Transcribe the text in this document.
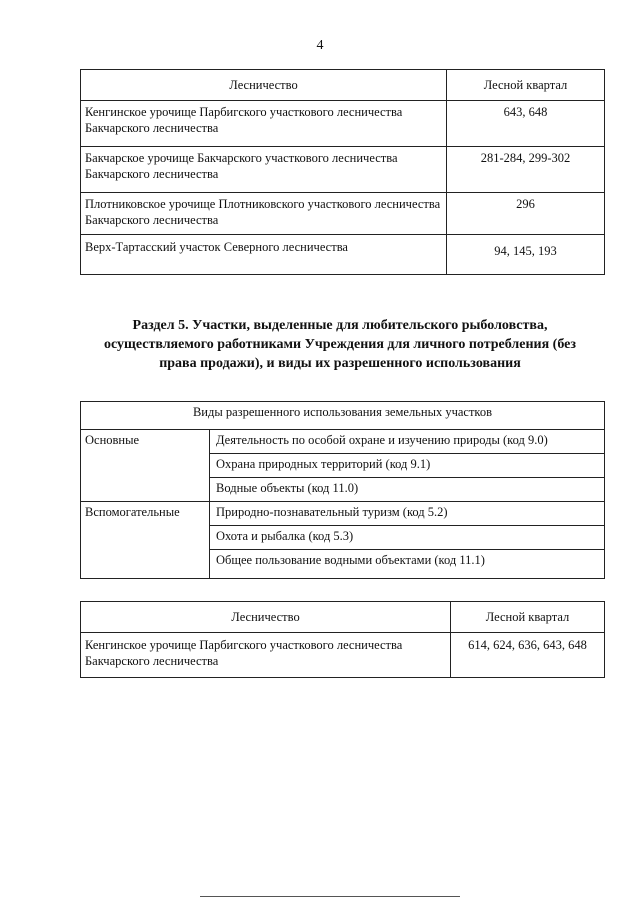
4
Лесничество	Лесной квартал
Кенгинское урочище Парбигского участкового лесничества Бакчарского лесничества	643, 648
Бакчарское урочище Бакчарского участкового лесничества Бакчарского лесничества	281-284, 299-302
Плотниковское урочище Плотниковского участкового лесничества Бакчарского лесничества	296
Верх-Тартасский участок Северного лесничества	94, 145, 193
Раздел 5. Участки, выделенные для любительского рыболовства, осуществляемого работниками Учреждения для личного потребления (без права продажи), и виды их разрешенного использования
Виды разрешенного использования земельных участков	
Основные	Деятельность по особой охране и изучению природы (код 9.0)
	Охрана природных территорий (код 9.1)
	Водные объекты (код 11.0)
Вспомогательные	Природно-познавательный туризм (код 5.2)
	Охота и рыбалка (код 5.3)
	Общее пользование водными объектами (код 11.1)
Лесничество	Лесной квартал
Кенгинское урочище Парбигского участкового лесничества Бакчарского лесничества	614, 624, 636, 643, 648
